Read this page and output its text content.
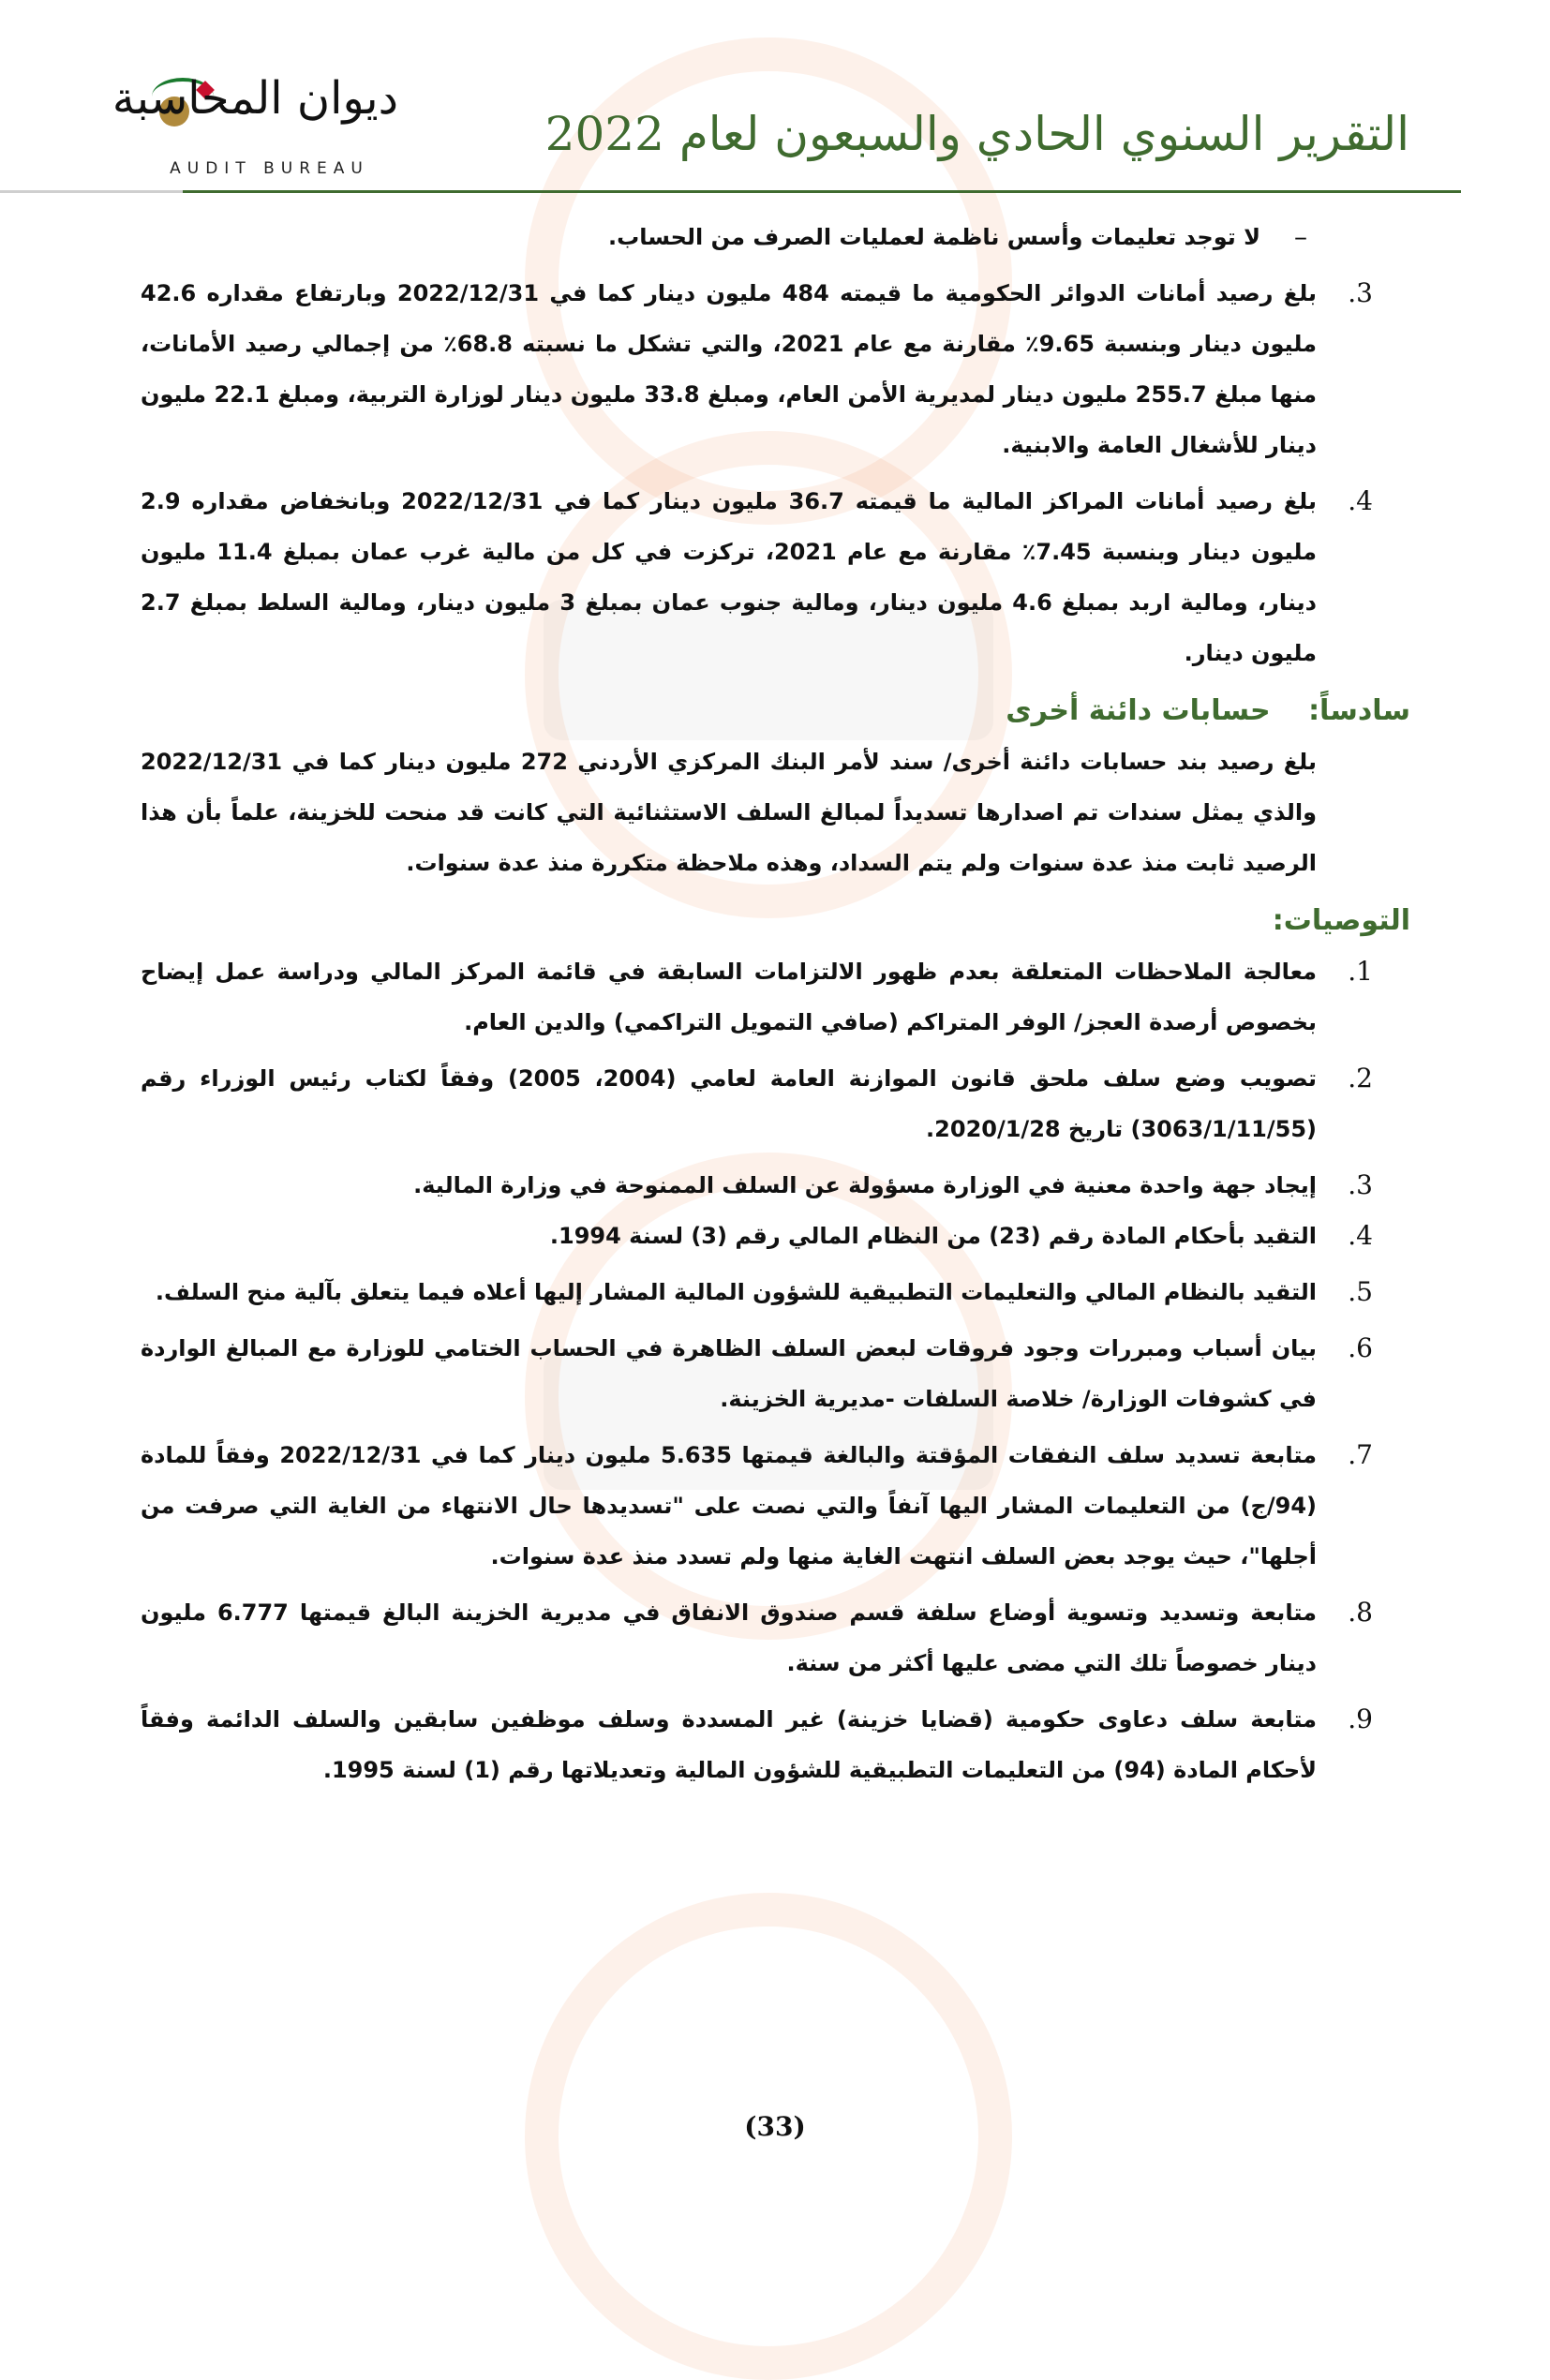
ديوان المحاسبة
AUDIT BUREAU
التقرير السنوي الحادي والسبعون لعام 2022
–
لا توجد تعليمات وأسس ناظمة لعمليات الصرف من الحساب.
3.
بلغ رصيد أمانات الدوائر الحكومية ما قيمته 484 مليون دينار كما في 2022/12/31 وبارتفاع مقداره 42.6 مليون دينار وبنسبة 9.65٪ مقارنة مع عام 2021، والتي تشكل ما نسبته 68.8٪ من إجمالي رصيد الأمانات، منها مبلغ 255.7 مليون دينار لمديرية الأمن العام، ومبلغ 33.8 مليون دينار لوزارة التربية، ومبلغ 22.1 مليون دينار للأشغال العامة والابنية.
4.
بلغ رصيد أمانات المراكز المالية ما قيمته 36.7 مليون دينار كما في 2022/12/31 وبانخفاض مقداره 2.9 مليون دينار وبنسبة 7.45٪ مقارنة مع عام 2021، تركزت في كل من مالية غرب عمان بمبلغ 11.4 مليون دينار، ومالية اربد بمبلغ 4.6 مليون دينار، ومالية جنوب عمان بمبلغ 3 مليون دينار، ومالية السلط بمبلغ 2.7 مليون دينار.
سادساً: حسابات دائنة أخرى
بلغ رصيد بند حسابات دائنة أخرى/ سند لأمر البنك المركزي الأردني 272 مليون دينار كما في 2022/12/31 والذي يمثل سندات تم اصدارها تسديداً لمبالغ السلف الاستثنائية التي كانت قد منحت للخزينة، علماً بأن هذا الرصيد ثابت منذ عدة سنوات ولم يتم السداد، وهذه ملاحظة متكررة منذ عدة سنوات.
التوصيات:
1.
معالجة الملاحظات المتعلقة بعدم ظهور الالتزامات السابقة في قائمة المركز المالي ودراسة عمل إيضاح بخصوص أرصدة العجز/ الوفر المتراكم (صافي التمويل التراكمي) والدين العام.
2.
تصويب وضع سلف ملحق قانون الموازنة العامة لعامي (2004، 2005) وفقاً لكتاب رئيس الوزراء رقم (3063/1/11/55) تاريخ 2020/1/28.
3.
إيجاد جهة واحدة معنية في الوزارة مسؤولة عن السلف الممنوحة في وزارة المالية.
4.
التقيد بأحكام المادة رقم (23) من النظام المالي رقم (3) لسنة 1994.
5.
التقيد بالنظام المالي والتعليمات التطبيقية للشؤون المالية المشار إليها أعلاه فيما يتعلق بآلية منح السلف.
6.
بيان أسباب ومبررات وجود فروقات لبعض السلف الظاهرة في الحساب الختامي للوزارة مع المبالغ الواردة في كشوفات الوزارة/ خلاصة السلفات -مديرية الخزينة.
7.
متابعة تسديد سلف النفقات المؤقتة والبالغة قيمتها 5.635 مليون دينار كما في 2022/12/31 وفقاً للمادة (94/ج) من التعليمات المشار اليها آنفاً والتي نصت على "تسديدها حال الانتهاء من الغاية التي صرفت من أجلها"، حيث يوجد بعض السلف انتهت الغاية منها ولم تسدد منذ عدة سنوات.
8.
متابعة وتسديد وتسوية أوضاع سلفة قسم صندوق الانفاق في مديرية الخزينة البالغ قيمتها 6.777 مليون دينار خصوصاً تلك التي مضى عليها أكثر من سنة.
9.
متابعة سلف دعاوى حكومية (قضايا خزينة) غير المسددة وسلف موظفين سابقين والسلف الدائمة وفقاً لأحكام المادة (94) من التعليمات التطبيقية للشؤون المالية وتعديلاتها رقم (1) لسنة 1995.
(33)
